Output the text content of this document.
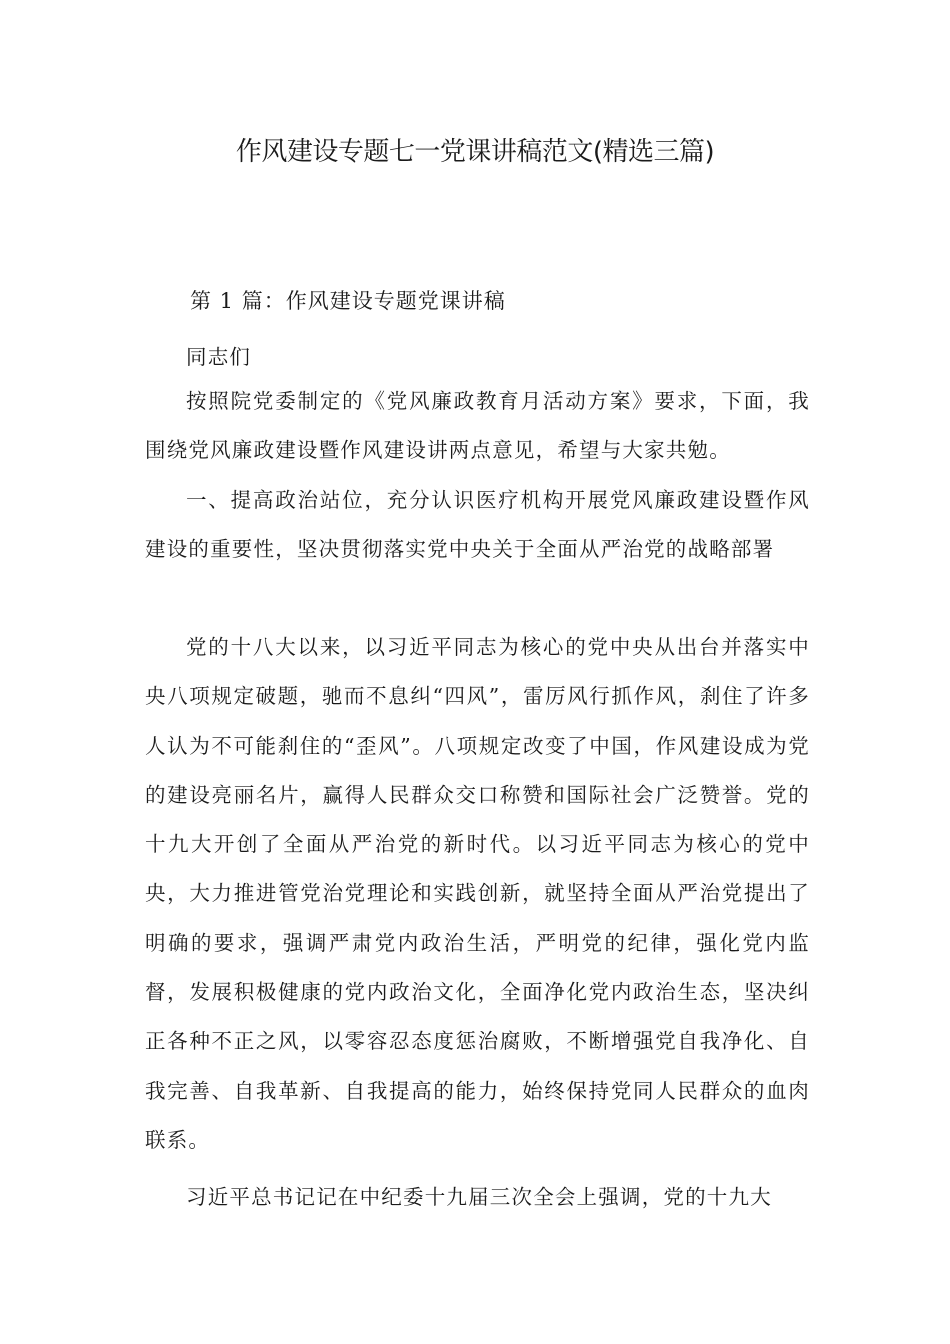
作风建设专题七一党课讲稿范文(精选三篇)

第 1 篇：作风建设专题党课讲稿

同志们

按照院党委制定的《党风廉政教育月活动方案》要求，下面，我围绕党风廉政建设暨作风建设讲两点意见，希望与大家共勉。

一、提高政治站位，充分认识医疗机构开展党风廉政建设暨作风建设的重要性，坚决贯彻落实党中央关于全面从严治党的战略部署

党的十八大以来，以习近平同志为核心的党中央从出台并落实中央八项规定破题，驰而不息纠“四风”，雷厉风行抓作风，刹住了许多人认为不可能刹住的“歪风”。八项规定改变了中国，作风建设成为党的建设亮丽名片，赢得人民群众交口称赞和国际社会广泛赞誉。党的十九大开创了全面从严治党的新时代。以习近平同志为核心的党中央，大力推进管党治党理论和实践创新，就坚持全面从严治党提出了明确的要求，强调严肃党内政治生活，严明党的纪律，强化党内监督，发展积极健康的党内政治文化，全面净化党内政治生态，坚决纠正各种不正之风，以零容忍态度惩治腐败，不断增强党自我净化、自我完善、自我革新、自我提高的能力，始终保持党同人民群众的血肉联系。

习近平总书记记在中纪委十九届三次全会上强调，党的十九大
